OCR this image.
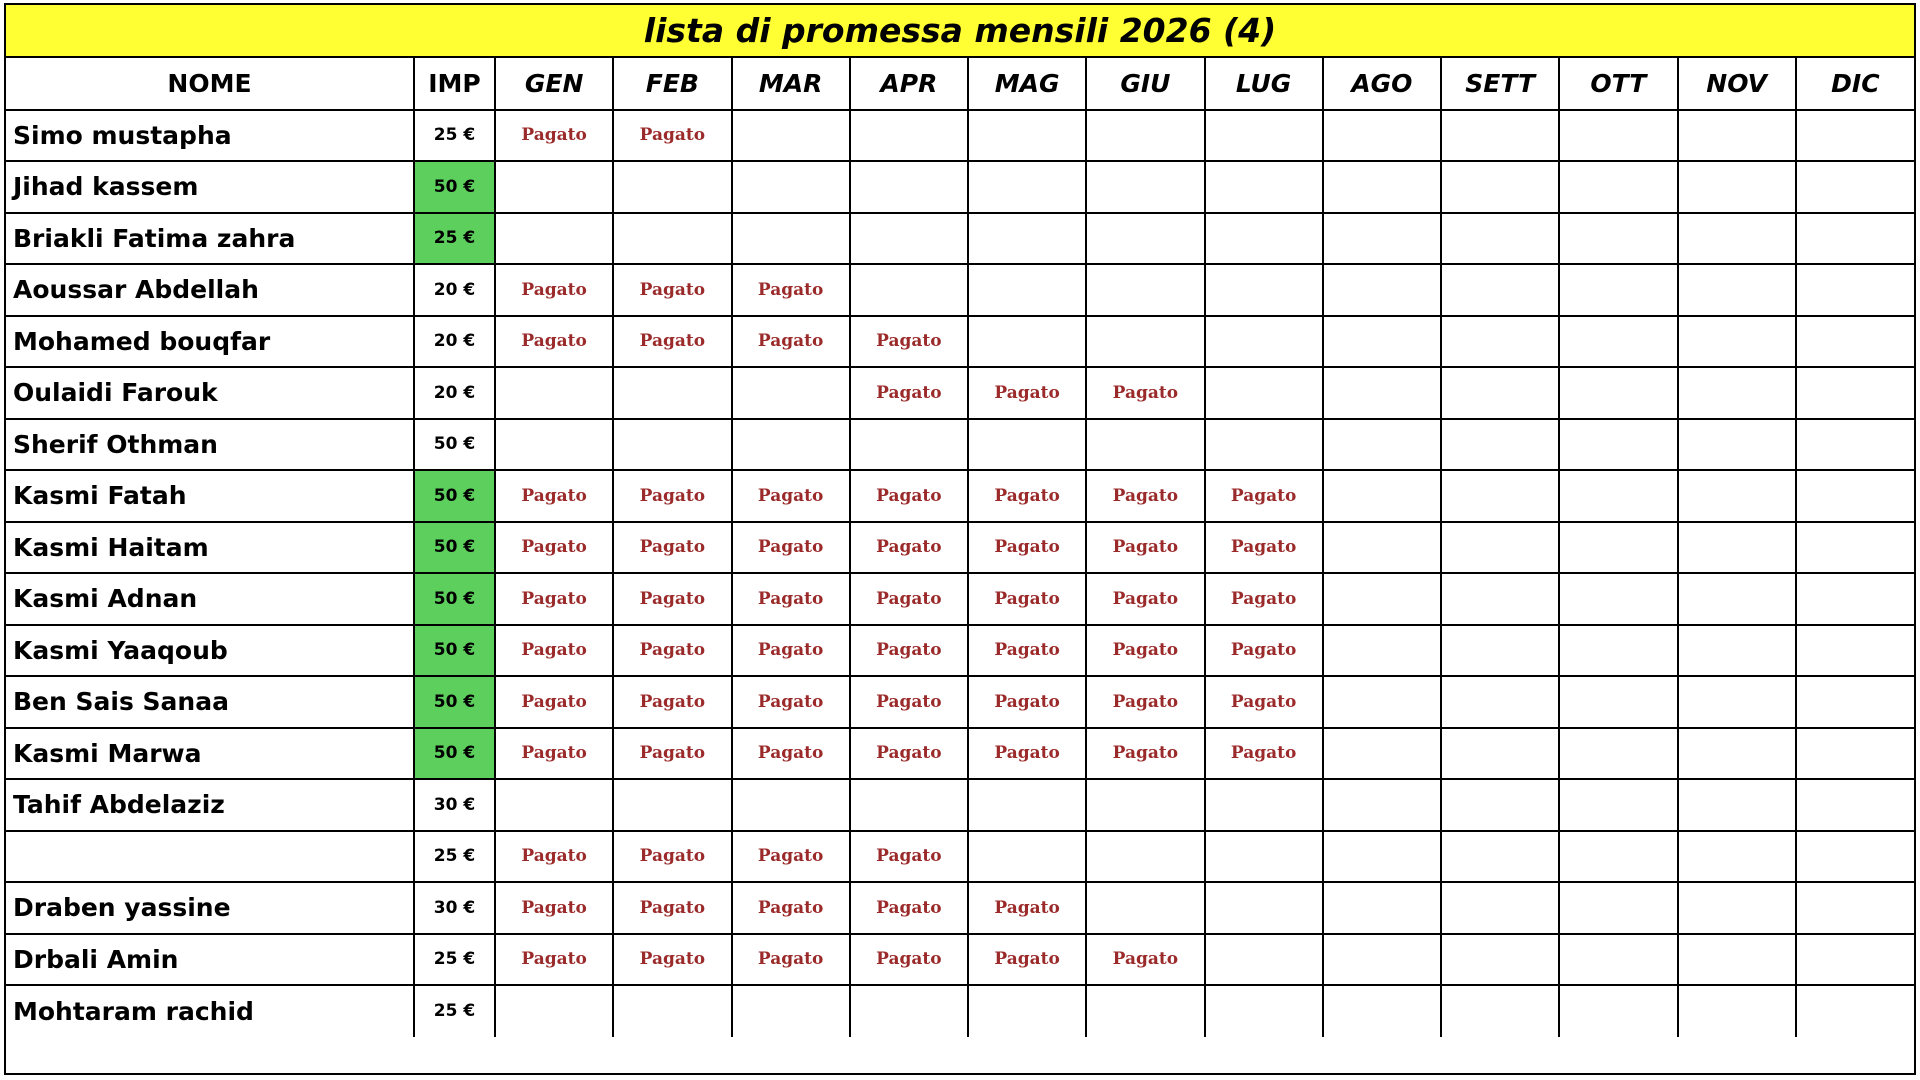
lista di promessa mensili 2026 (4)
NOME	IMP	GEN	FEB	MAR	APR	MAG	GIU	LUG	AGO	SETT	OTT	NOV	DIC
Simo mustapha	25 €	Pagato	Pagato										
Jihad kassem	50 €												
Briakli Fatima zahra	25 €												
Aoussar Abdellah	20 €	Pagato	Pagato	Pagato									
Mohamed bouqfar	20 €	Pagato	Pagato	Pagato	Pagato								
Oulaidi Farouk	20 €				Pagato	Pagato	Pagato						
Sherif Othman	50 €												
Kasmi Fatah	50 €	Pagato	Pagato	Pagato	Pagato	Pagato	Pagato	Pagato					
Kasmi Haitam	50 €	Pagato	Pagato	Pagato	Pagato	Pagato	Pagato	Pagato					
Kasmi Adnan	50 €	Pagato	Pagato	Pagato	Pagato	Pagato	Pagato	Pagato					
Kasmi Yaaqoub	50 €	Pagato	Pagato	Pagato	Pagato	Pagato	Pagato	Pagato					
Ben Sais Sanaa	50 €	Pagato	Pagato	Pagato	Pagato	Pagato	Pagato	Pagato					
Kasmi Marwa	50 €	Pagato	Pagato	Pagato	Pagato	Pagato	Pagato	Pagato					
Tahif Abdelaziz	30 €												
	25 €	Pagato	Pagato	Pagato	Pagato								
Draben yassine	30 €	Pagato	Pagato	Pagato	Pagato	Pagato							
Drbali Amin	25 €	Pagato	Pagato	Pagato	Pagato	Pagato	Pagato						
Mohtaram rachid	25 €												
